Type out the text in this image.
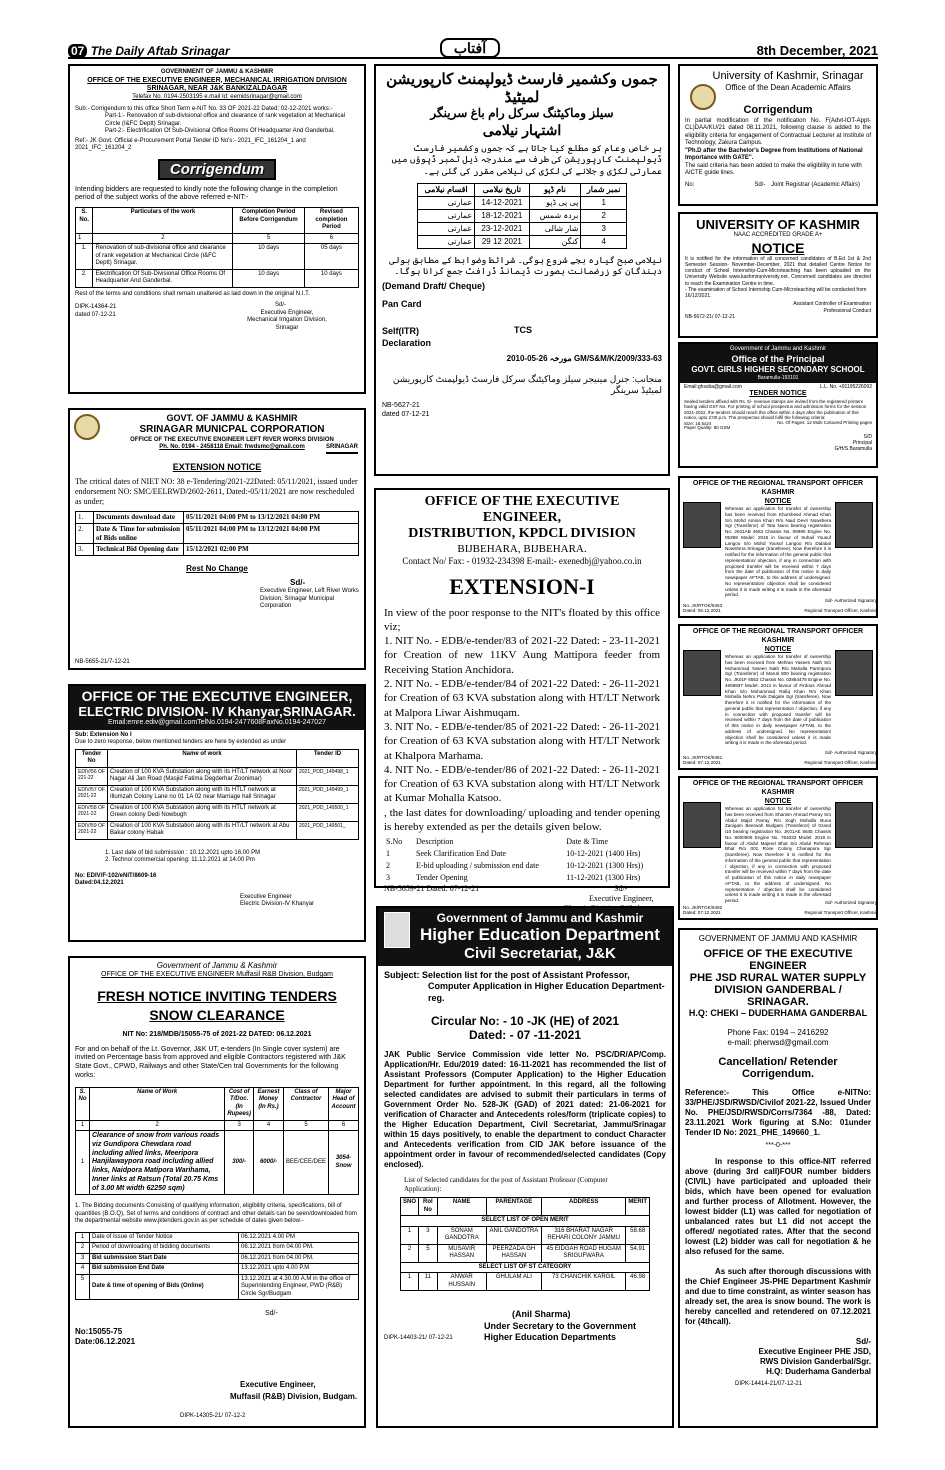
07 The Daily Aftab Srinagar	آفتاب	8th December, 2021
GOVERNMENT OF JAMMU & KASHMIR
OFFICE OF THE EXECUTIVE ENGINEER, MECHANICAL IRRIGATION DIVISION SRINAGAR, NEAR J&K BANKIZALDAGAR
Telefax No. 0194-2503195 e.mail Id: eemidsrinagar@gmail.com
Sub:- Corrigendum to this office Short Term e-NIT No. 33 OF 2021-22 Dated: 02-12-2021 works:-
Part-1:- Renovation of sub-divisional office and clearance of rank vegetation at Mechanical Circle (I&FC Deptt) Srinagar.
Part-2:- Electrification Of Sub-Divisional Office Rooms Of Headquarter And Ganderbal.
Ref:- JK Govt. Official e-Procurement Portal Tender ID No's:- 2021_IFC_161204_1 and 2021_IFC_161204_2
Corrigendum
Intending bidders are requested to kindly note the following change in the completion period of the subject works of the above referred e-NIT:-
S. No.	Particulars of the work	Completion Period Before Corrigendum	Revised completion Period
1	2	5	6
1.	Renovation of sub-divisional office and clearance of rank vegetation at Mechanical Circle (I&FC Deptt) Srinagar.	10 days	05 days
2.	Electrification Of Sub-Divisional Office Rooms Of Headquarter And Ganderbal.	10 days	10 days
Rest of the terms and conditions shall remain unaltered as laid down in the original N.I.T.
Sd/-
Executive Engineer,
Mechanical Irrigation Division,
Srinagar
DIPK-14364-21
dated 07-12-21
GOVT. OF JAMMU & KASHMIR
SRINAGAR MUNICPAL CORPORATION
OFFICE OF THE EXECUTIVE ENGINEER LEFT RIVER WORKS DIVISION
Ph. No. 0194 - 2458118 Email: frwdsmc@gmail.com	SRINAGAR
EXTENSION NOTICE
The critical dates of NIET NO: 38 e-Tendering/2021-22Dated: 05/11/2021, issued under endorsement NO: SMC/EELRWD/2602-2611, Dated:-05/11/2021 are now rescheduled as under;
1.	Documents download date	05/11/2021 04:00 PM to 13/12/2021 04:00 PM
2.	Date & Time for submission of Bids online	05/11/2021 04:00 PM to 13/12/2021 04:00 PM
3.	Technical Bid Opening date	15/12/2021 02:00 PM
Rest No Change
Sd/-
Executive Engineer, Left River Works Division, Srinagar Municipal Corporation
NB-5655-21/7-12-21
OFFICE OF THE EXECUTIVE ENGINEER,
ELECTRIC DIVISION- IV Khanyar,SRINAGAR.
Email:emre.ediv@gmail.comTelNo.0194-2477608FaxNo.0194-247027
Sub: Extension No I
Due to zero response, below mentioned tenders are here by extended as under
Tender No	Name of work	Tender ID
EDIV/56 OF 221-22	Creation of 100 KVA Substation along with its HT/LT network at Noor Nagar Ali Jan Road (Masjid Fatima Degderhar Zoonimar)	2021_PDD_149498_1
EDIV/57 OF 2021-22	Creation of 100 KVA Substation along with its HTLT network at Illumzah Colony Lane no 01 1A 02 near Marriage hall Srinagar	2021_PDD_149499_1
EDIV/58 OF 2021-22	Creation of 100 KVA Substation along with its HTLT network at Green colony Dedi Nowbugh	2021_PDD_149500_1
EDIV/59 OF 2021-22	Creation of 100 KVA Substation along with its HT/LT network at Abu Bakar colony Habak	2021_PDD_149501_
1. Last date of bid submission : 10.12.2021 upto 16.00 PM
2. Techno/ commercial opening: 11.12.2021 at 14.00 Pm
No: EDIV/F-102/eNIT/8609-16
Dated:04.12.2021
Executive Engineer
Electric Division-IV Khanyar
Government of Jammu & Kashmir
OFFICE OF THE EXECUTIVE ENGINEER Muffasil R&B Division, Budgam
FRESH NOTICE INVITING TENDERS
SNOW CLEARANCE
NIT No: 218/MDB/15055-75 of 2021-22 DATED: 06.12.2021
For and on behalf of the Lt. Governor, J&K UT, e-tenders (In Single cover system) are invited on Percentage basis from approved and eligible Contractors registered with J&K State Govt., CPWD, Railways and other State/Cen tral Governments for the following works:
S. No	Name of Work	Cost of T/Doc. (In Rupees)	Earnest Money (In Rs.)	Class of Contractor	Major Head of Account
1	2	3	4	5	6
1	Clearance of snow from various roads viz Gundipora Chewdara road including allied links, Meeripora Hanjilawaypora road including allied links, Naidpora Matipora Warihama, Inner links at Ratsun (Total 20.75 Kms of 3.00 Mt width 62250 sqm)	300/-	6000/-	BEE/CEE/DEE	3054-Snow
1. The Bidding documents Consisting of qualifying information, eligibility criteria, specifications, bill of quantities (B.O.Q), Set of terms and conditions of contract and other details can be seen/downloaded from the departmental website www.jktenders.gov.in as per schedule of dates given below:-
1	Date of Issue of Tender Notice	06.12.2021 4.00 PM
2	Period of downloading of bidding documents	06.12.2021 from 04.00 PM.
3	Bid submission Start Date	06.12.2021 from 04.00 PM.
4	Bid submission End Date	13.12.2021 upto 4.00 P.M
5	Date & time of opening of Bids (Online)	13.12.2021 at 4.30.00 A.M in the office of Superintending Engineer, PWD (R&B) Circle Sgr/Budgam
Sd/-
No:15055-75
Date:06.12.2021
Executive Engineer,
Muffasil (R&B) Division, Budgam.
DIPK-14305-21/ 07-12-2
جموں وکشمیر فارسٹ ڈیولپمنٹ کارپوریشن لمیٹیڈ
سیلز وماکیٹنگ سرکل رام باغ سرینگر
اشتہار نیلامی
ہر خاص وعام کو مطلع کیا جاتا ہے کہ جموں وکشمیر فارسٹ ڈیولپمنٹ کارپوریشن کی طرف سے مندرجہ ذیل ٹمبر ڈپوؤں میں عمارتی لکڑی و جلانے کی لکڑی کی نیلامی مقرر کی گئی ہے۔
نمبر شمار	نام ڈپو	تاریخ نیلامی	اقسام نیلامی
1	پی پی ڈپو	14-12-2021	عمارتی
2	بردہ شمس	18-12-2021	عمارتی
3	شار شالی	23-12-2021	عمارتی
4	کنگن	29 12 2021	عمارتی
نیلامی صبح گیارہ بجے شروع ہوگی۔ شرائط وضوابط کے مطابق بولی دہندگان کو زرضمانت بصورت ڈیمانڈ ڈرافٹ جمع کرانا ہوگا۔
(Demand Draft/ Cheque)
Pan Card
Self(ITR)	TCS
Declaration
333-63/GM/S&M/K/2009 مورخہ 26-05-2010
منجانب: جنرل مینیجر سیلز وماکیٹنگ سرکل فارسٹ ڈیولپمنٹ کارپوریشن لمیٹیڈ سرینگر
NB-5627-21
dated 07-12-21
OFFICE OF THE EXECUTIVE ENGINEER,
DISTRIBUTION, KPDCL DIVISION
BIJBEHARA, BIJBEHARA.
Contact No/ Fax: - 01932-234398 E-mail:- exenedbj@yahoo.co.in
EXTENSION-I
In view of the poor response to the NIT's floated by this office viz;
1. NIT No. - EDB/e-tender/83 of 2021-22 Dated: - 23-11-2021 for Creation of new 11KV Aung Mattipora feeder from Receiving Station Anchidora.
2. NIT No. - EDB/e-tender/84 of 2021-22 Dated: - 26-11-2021 for Creation of 63 KVA substation along with HT/LT Network at Malpora Liwar Aishmuqam.
3. NIT No. - EDB/e-tender/85 of 2021-22 Dated: - 26-11-2021 for Creation of 63 KVA substation along with HT/LT Network at Khalpora Marhama.
4. NIT No. - EDB/e-tender/86 of 2021-22 Dated: - 26-11-2021 for Creation of 63 KVA substation along with HT/LT Network at Kumar Mohalla Katsoo.
, the last dates for downloading/ uploading and tender opening is hereby extended as per the details given below.
S.No	Description	Date & Time
1	Seek Clarification End Date	10-12-2021 (1400 Hrs)
2	E-bid uploading / submission end date	10-12-2021 (1300 Hrs))
3	Tender Opening	11-12-2021 (1300 Hrs)
NB-5659-21 Dated: 07-12-21	Sd/-
Executive Engineer,
Government of Jammu and Kashmir
Higher Education Department
Civil Secretariat, J&K
Subject: Selection list for the post of Assistant Professor, Computer Application in Higher Education Department-reg.
Circular No: - 10 -JK (HE) of 2021
Dated: - 07 -11-2021
JAK Public Service Commission vide letter No. PSC/DR/AP/Comp. Application/Hr. Edu/2019 dated: 16-11-2021 has recommended the list of Assistant Professors (Computer Application) to the Higher Education Department for further appointment. In this regard, all the following selected candidates are advised to submit their particulars in terms of Government Order No. 528-JK (GAD) of 2021 dated: 21-06-2021 for verification of Character and Antecedents roles/form (triplicate copies) to the Higher Education Department, Civil Secretariat, Jammu/Srinagar within 15 days positively, to enable the department to conduct Character and Antecedents verification from CID JAK before issuance of the appointment order in favour of recommended/selected candidates (Copy enclosed).
List of Selected candidates for the post of Assistant Professor (Computer Application):
SNO	Rol No	NAME	PARENTAGE	ADDRESS	MERIT
SELECT LIST OF OPEN MERIT					
1	3	SONAM GANDOTRA	ANIL GANDOTRA	316 BHARAT NAGAR REHARI COLONY JAMMU	58.68
2	5	MUSAVIR HASSAN	PEERZADA GH HASSAN	45 EIDGAH ROAD HUGAM SRIGUFWARA	54.91
SELECT LIST OF ST CATEGORY					
1	11	ANWAR HUSSAIN	GHULAM ALI	73 CHANCHIK KARGIL	46.98
(Anil Sharma)
Under Secretary to the Government
Higher Education Departments
DIPK-14403-21/ 07-12-21
University of Kashmir, Srinagar
Office of the Dean Academic Affairs
Corrigendum
In partial modification of the notification No. F(Advt-IOT-Appt-CL)DAA/KU/21 dated 08.11.2021, following clause is added to the eligibility criteria for engagement of Contractual Lecturer at Institute of Technology, Zakura Campus.
"Ph.D after the Bachelor's Degree from Institutions of National Importance with GATE".
The said criteria has been added to make the eligibility in tune with AICTE guide lines.
No:	Sd/- Joint Registrar (Academic Affairs)
UNIVERSITY OF KASHMIR
NAAC ACCREDITED GRADE A+
NOTICE
It is notified for the information of all concerned candidates of B.Ed 1st & 2nd Semester Session- November-December, 2021 that detailed Centre Notice for conduct of School Internship-Cum-Microteaching has been uploaded on the University Website www.kashmiruniversity.net. Concerned candidates are directed to reach the Examination Centre in time.
- The examination of School Internship Cum-Microteaching will be conducted from 16/12/2021.
Assistant Controller of Examination
Professional Conduct
NB-5672-21/ 07-12-21
Government of Jammu and Kashmir
Office of the Principal
GOVT. GIRLS HIGHER SECONDARY SCHOOL
Baramulla-193101
Email:ghssba@gmail.com	L.L. No. +91195226092
TENDER NOTICE
Sealed tenders affixed with Rs. 5/- revenue stamps are invited from the registered printers having valid GST No. For printing of school prospectus and admission forms for the session 2021-2022, the tenders should reach this office within 4 days after the publication of this notice, upto 2:00 p.m. The prospectus should fulfil the following criteria:
Size: 16.5x24	No. Of Pages: 12 Multi Coloured Printing pages
Paper Quality: 80 GSM
S/D
Principal
G/H/S Baramulla
OFFICE OF THE REGIONAL TRANSPORT OFFICER KASHMIR
NOTICE
Whereas an application for transfer of ownership has been received from Khursheed Ahmad Khan S/o Mohd Amina Khan R/o Naid Devri Nowshera Sgr (Transferor) of Tata Nano bearing registration No. JK01AB 4663 Chassis No. 06990 Engine No. 05399 Model: 2015 in favour of Suhail Yousuf Langoo S/o Mohd Yousuf Langoo R/o Dalabal Nowshera Srinagar (transferee). Now therefore it is notified for the information of the general public that representation/ objection, if any in connection with proposed transfer will be received within 7 days from the date of publication of this notice in daily newspaper AFTAB, to the address of undersigned. No representation/ objection shall be considered unless it is made writing it is made in the aforesaid period.
Sd/- Authorized Signatory
No. JK/RTOK/9453
Dated: 06.12.2021	Regional Transport Officer, Kashmir
OFFICE OF THE REGIONAL TRANSPORT OFFICER KASHMIR
NOTICE
Whereas an application for transfer of ownership has been received from Mehran Yaseen Nath S/o Mohammad Yaseen Nath R/o Mahalla Parimpora Sgr (Transferor) of Maruti 800 bearing registration No. JK01F 6553 Chassis No. 02884478 Engine No. 4659837 Model: 2013 in favour of Firdous Ahmad Khan S/o Mohammad Rafiq Khan R/o Khan Mohalla Nehru Park Dalgate Sgr (transferee). Now therefore it is notified for the information of the general public that representation / objection, if any in connection with proposed transfer will be received within 7 days from the date of publication of this notice in daily newspaper AFTAB, to the address of undersigned. No representation/ objection shall be considered unless it is made writing it is made in the aforesaid period.
Sd/- Authorized Signatory
No. JK/RTOK/9481
Dated: 07.12.2021	Regional Transport Officer, Kashmir
OFFICE OF THE REGIONAL TRANSPORT OFFICER KASHMIR
NOTICE
Whereas an application for transfer of ownership has been received from Shamim Ahmad Parray S/o Abdul Majid Parray R/o Sogh Mohalla Buna Zanigam Beerwah Budgam (Transferor) of Grand i10 bearing registration No. JK01AE 5645 Chassis No. 8000009 Engine No. 764033 Model: 2018 in favour of Abdul Majeed Bhat S/o Abdul Rehman Bhat R/o 001 Rose Colony Chanapora Sgr (transferee). Now therefore it is notified for the information of the general public that representation / objection, if any in connection with proposed transfer will be received within 7 days from the date of publication of this notice in daily newspaper AFTAB, to the address of undersigned. No representation / objection shall be considered unless it is made writing it is made in the aforesaid period.	Sd/- Authorized Signatory
No. JK/RTOK/9492
Dated: 07.12.2021	Regional Transport Officer, Kashmir
GOVERNMENT OF JAMMU AND KASHMIR
OFFICE OF THE EXECUTIVE ENGINEER
PHE JSD RURAL WATER SUPPLY
DIVISION GANDERBAL / SRINAGAR.
H.Q: CHEKI – DUDERHAMA GANDERBAL
Phone Fax: 0194 – 2416292
e-mail: pherwsd@gmail.com
Cancellation/ Retender
Corrigendum.
Reference:- This Office e-NITNo: 33/PHE/JSD/RWSD/Civilof 2021-22, Issued Under No. PHE/JSD/RWSD/Corrs/7364 -88, Dated: 23.11.2021 Work figuring at S.No: 01under Tender ID No: 2021_PHE_149660_1.
***-0-***
In response to this office-NIT referred above (during 3rd call)FOUR number bidders (CIVIL) have participated and uploaded their bids, which have been opened for evaluation and further process of Allotment. However, the lowest bidder (L1) was called for negotiation of unbalanced rates but L1 did not accept the offered/ negotiated rates. After that the second lowest (L2) bidder was call for negotiation & he also refused for the same.
As such after thorough discussions with the Chief Engineer JS-PHE Department Kashmir and due to time constraint, as winter season has already set, the area is snow bound. The work is hereby cancelled and retendered on 07.12.2021 for (4thcall).
Sd/-
Executive Engineer PHE JSD,
RWS Division Ganderbal/Sgr.
H.Q: Duderhama Ganderbal
DIPK-14414-21/07-12-21
